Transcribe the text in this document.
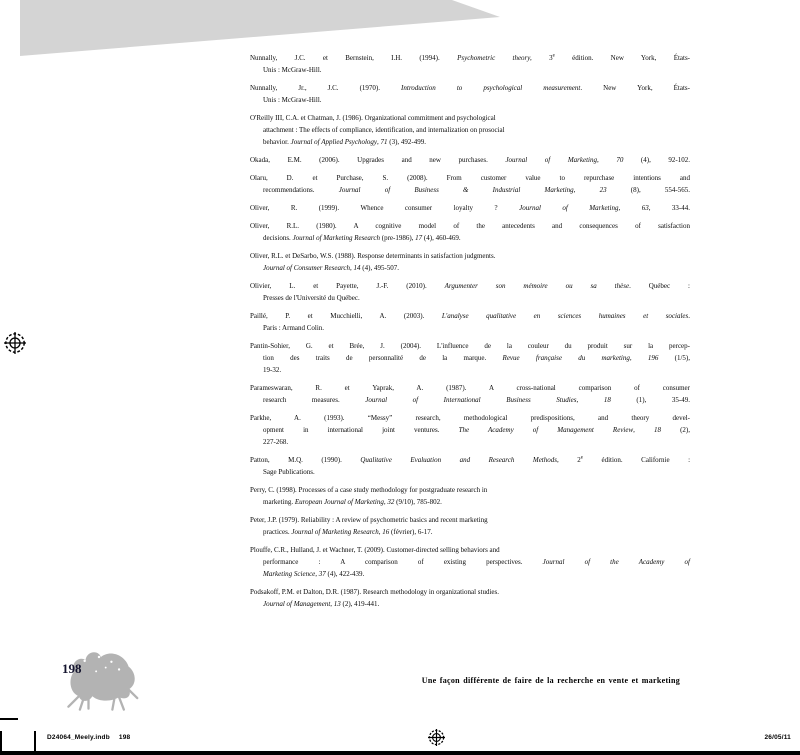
Nunnally, J.C. et Bernstein, I.H. (1994). Psychometric theory, 3e édition. New York, États-
Unis : McGraw-Hill.
Nunnally, Jr., J.C. (1970). Introduction to psychological measurement. New York, États-
Unis : McGraw-Hill.
O'Reilly III, C.A. et Chatman, J. (1986). Organizational commitment and psychological
attachment : The effects of compliance, identification, and internalization on prosocial
behavior. Journal of Applied Psychology, 71 (3), 492-499.
Okada, E.M. (2006). Upgrades and new purchases. Journal of Marketing, 70 (4), 92-102.
Olaru, D. et Purchase, S. (2008). From customer value to repurchase intentions and
recommendations. Journal of Business & Industrial Marketing, 23 (8), 554-565.
Oliver, R. (1999). Whence consumer loyalty ? Journal of Marketing, 63, 33-44.
Oliver, R.L. (1980). A cognitive model of the antecedents and consequences of satisfaction
decisions. Journal of Marketing Research (pre-1986), 17 (4), 460-469.
Oliver, R.L. et DeSarbo, W.S. (1988). Response determinants in satisfaction judgments.
Journal of Consumer Research, 14 (4), 495-507.
Olivier, L. et Payette, J.-F. (2010). Argumenter son mémoire ou sa thèse. Québec :
Presses de l'Université du Québec.
Paillé, P. et Mucchielli, A. (2003). L'analyse qualitative en sciences humaines et sociales.
Paris : Armand Colin.
Pantin-Sohier, G. et Brée, J. (2004). L'influence de la couleur du produit sur la percep-
tion des traits de personnalité de la marque. Revue française du marketing, 196 (1/5),
19-32.
Parameswaran, R. et Yaprak, A. (1987). A cross-national comparison of consumer
research measures. Journal of International Business Studies, 18 (1), 35-49.
Parkhe, A. (1993). “Messy” research, methodological predispositions, and theory devel-
opment in international joint ventures. The Academy of Management Review, 18 (2),
227-268.
Patton, M.Q. (1990). Qualitative Evaluation and Research Methods, 2e édition. Californie :
Sage Publications.
Perry, C. (1998). Processes of a case study methodology for postgraduate research in
marketing. European Journal of Marketing, 32 (9/10), 785-802.
Peter, J.P. (1979). Reliability : A review of psychometric basics and recent marketing
practices. Journal of Marketing Research, 16 (février), 6-17.
Plouffe, C.R., Hulland, J. et Wachner, T. (2009). Customer-directed selling behaviors and
performance : A comparison of existing perspectives. Journal of the Academy of
Marketing Science, 37 (4), 422-439.
Podsakoff, P.M. et Dalton, D.R. (1987). Research methodology in organizational studies.
Journal of Management, 13 (2), 419-441.
Une façon différente de faire de la recherche en vente et marketing
198
D24064_Meely.indb 198	26/05/11
